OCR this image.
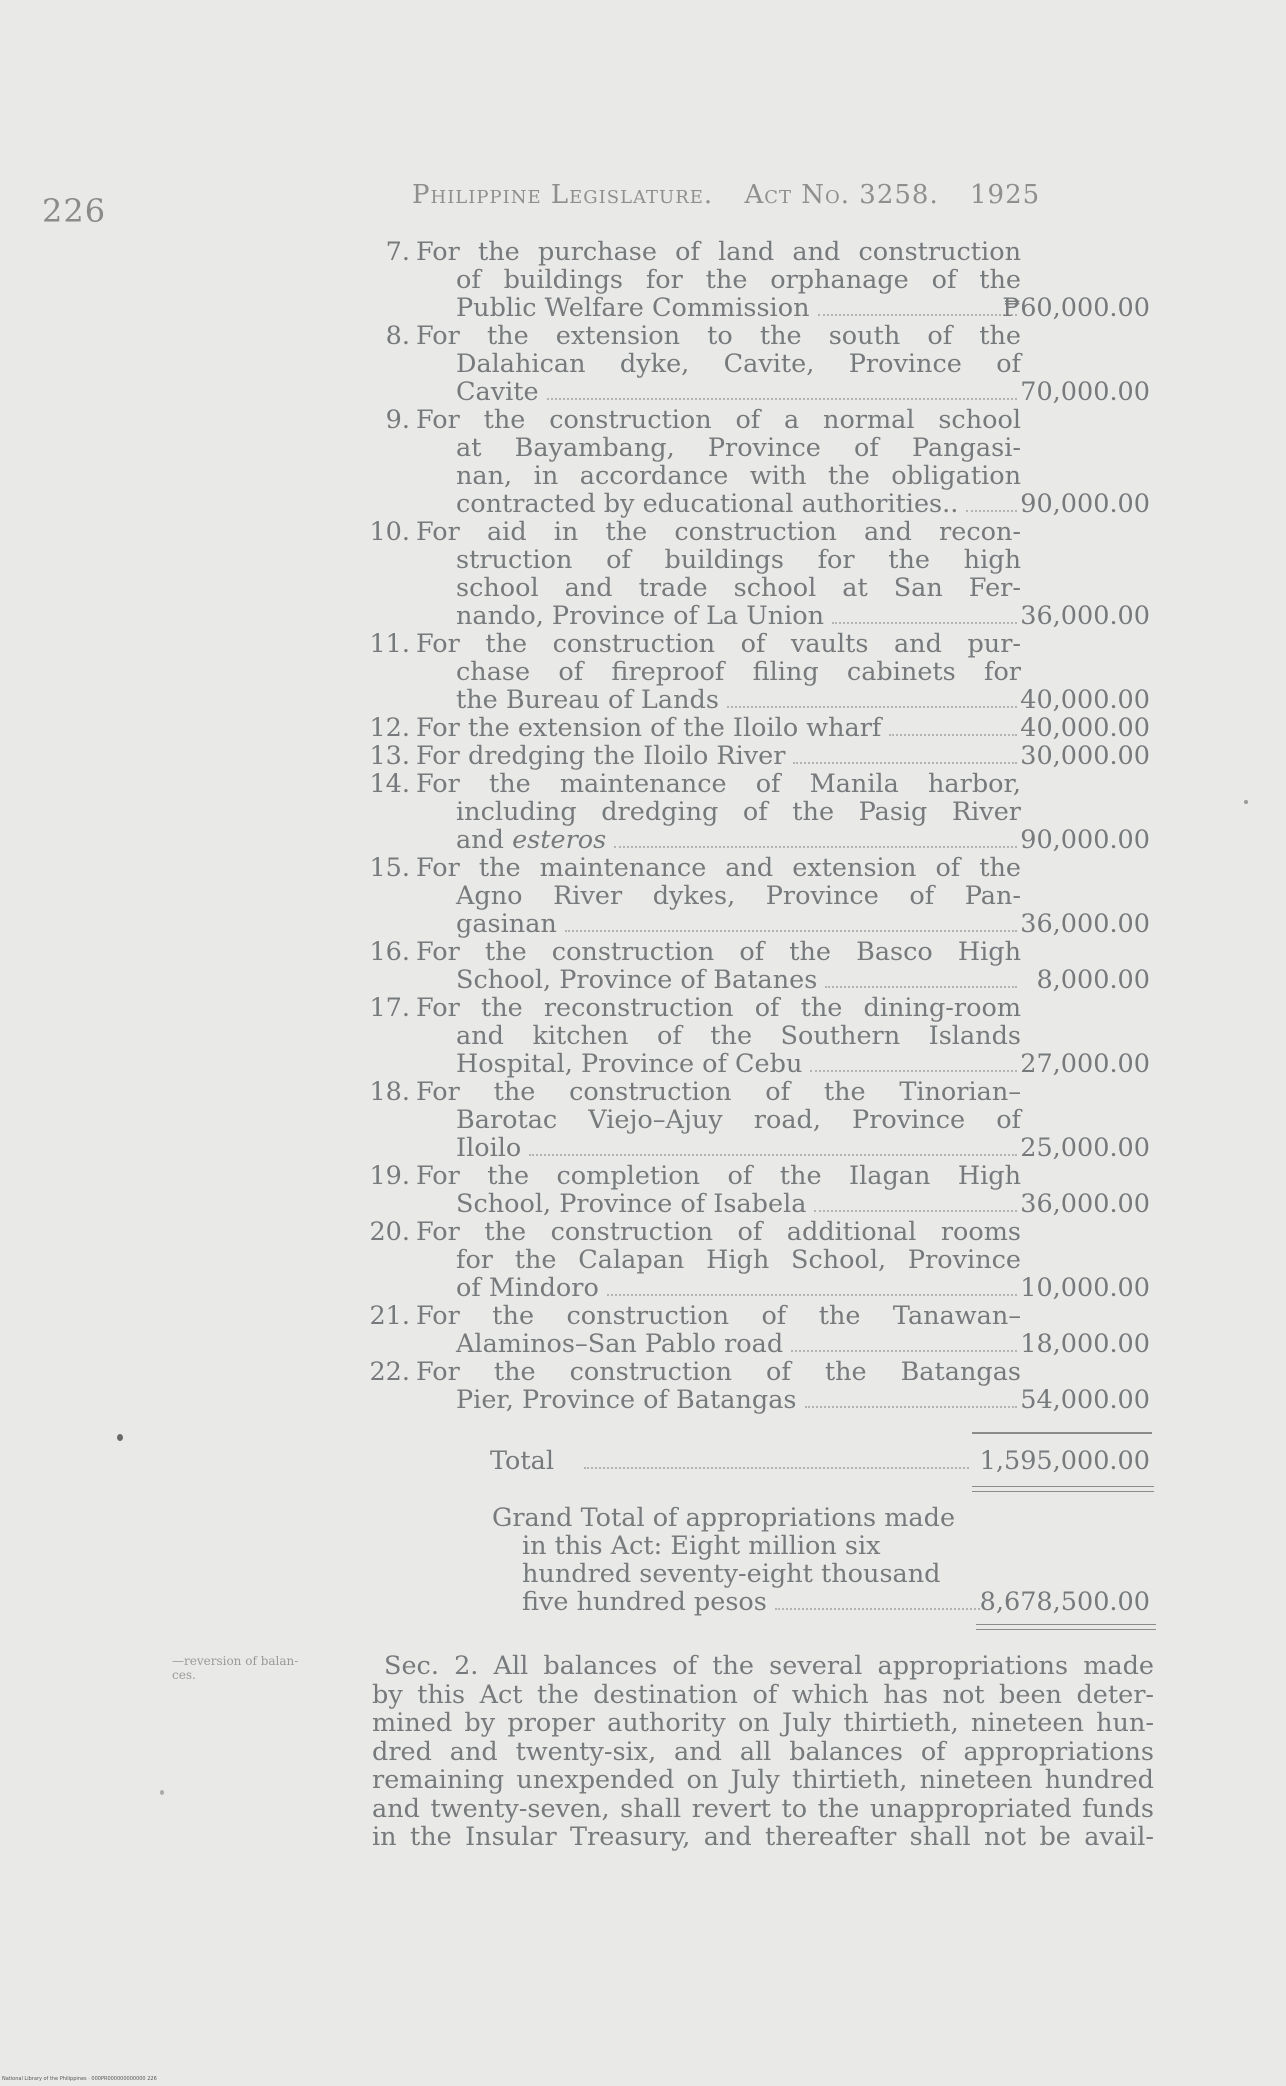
226	Philippine Legislature. Act No. 3258. 1925
7. For the purchase of land and construction
of buildings for the orphanage of the
Public Welfare Commission	₱60,000.00
8. For the extension to the south of the
Dalahican dyke, Cavite, Province of
Cavite	70,000.00
9. For the construction of a normal school
at Bayambang, Province of Pangasi-
nan, in accordance with the obligation
contracted by educational authorities..	90,000.00
10. For aid in the construction and recon-
struction of buildings for the high
school and trade school at San Fer-
nando, Province of La Union	36,000.00
11. For the construction of vaults and pur-
chase of fireproof filing cabinets for
the Bureau of Lands	40,000.00
12. For the extension of the Iloilo wharf	40,000.00
13. For dredging the Iloilo River	30,000.00
14. For the maintenance of Manila harbor,
including dredging of the Pasig River
and esteros	90,000.00
15. For the maintenance and extension of the
Agno River dykes, Province of Pan-
gasinan	36,000.00
16. For the construction of the Basco High
School, Province of Batanes	8,000.00
17. For the reconstruction of the dining-room
and kitchen of the Southern Islands
Hospital, Province of Cebu	27,000.00
18. For the construction of the Tinorian–
Barotac Viejo–Ajuy road, Province of
Iloilo	25,000.00
19. For the completion of the Ilagan High
School, Province of Isabela	36,000.00
20. For the construction of additional rooms
for the Calapan High School, Province
of Mindoro	10,000.00
21. For the construction of the Tanawan–
Alaminos–San Pablo road	18,000.00
22. For the construction of the Batangas
Pier, Province of Batangas	54,000.00
Total	1,595,000.00
Grand Total of appropriations made
in this Act: Eight million six
hundred seventy-eight thousand
five hundred pesos	8,678,500.00
—reversion of balan-
ces.	Sec. 2. All balances of the several appropriations made
by this Act the destination of which has not been deter-
mined by proper authority on July thirtieth, nineteen hun-
dred and twenty-six, and all balances of appropriations
remaining unexpended on July thirtieth, nineteen hundred
and twenty-seven, shall revert to the unappropriated funds
in the Insular Treasury, and thereafter shall not be avail-
National Library of the Philippines · 000PR000000000000 226
